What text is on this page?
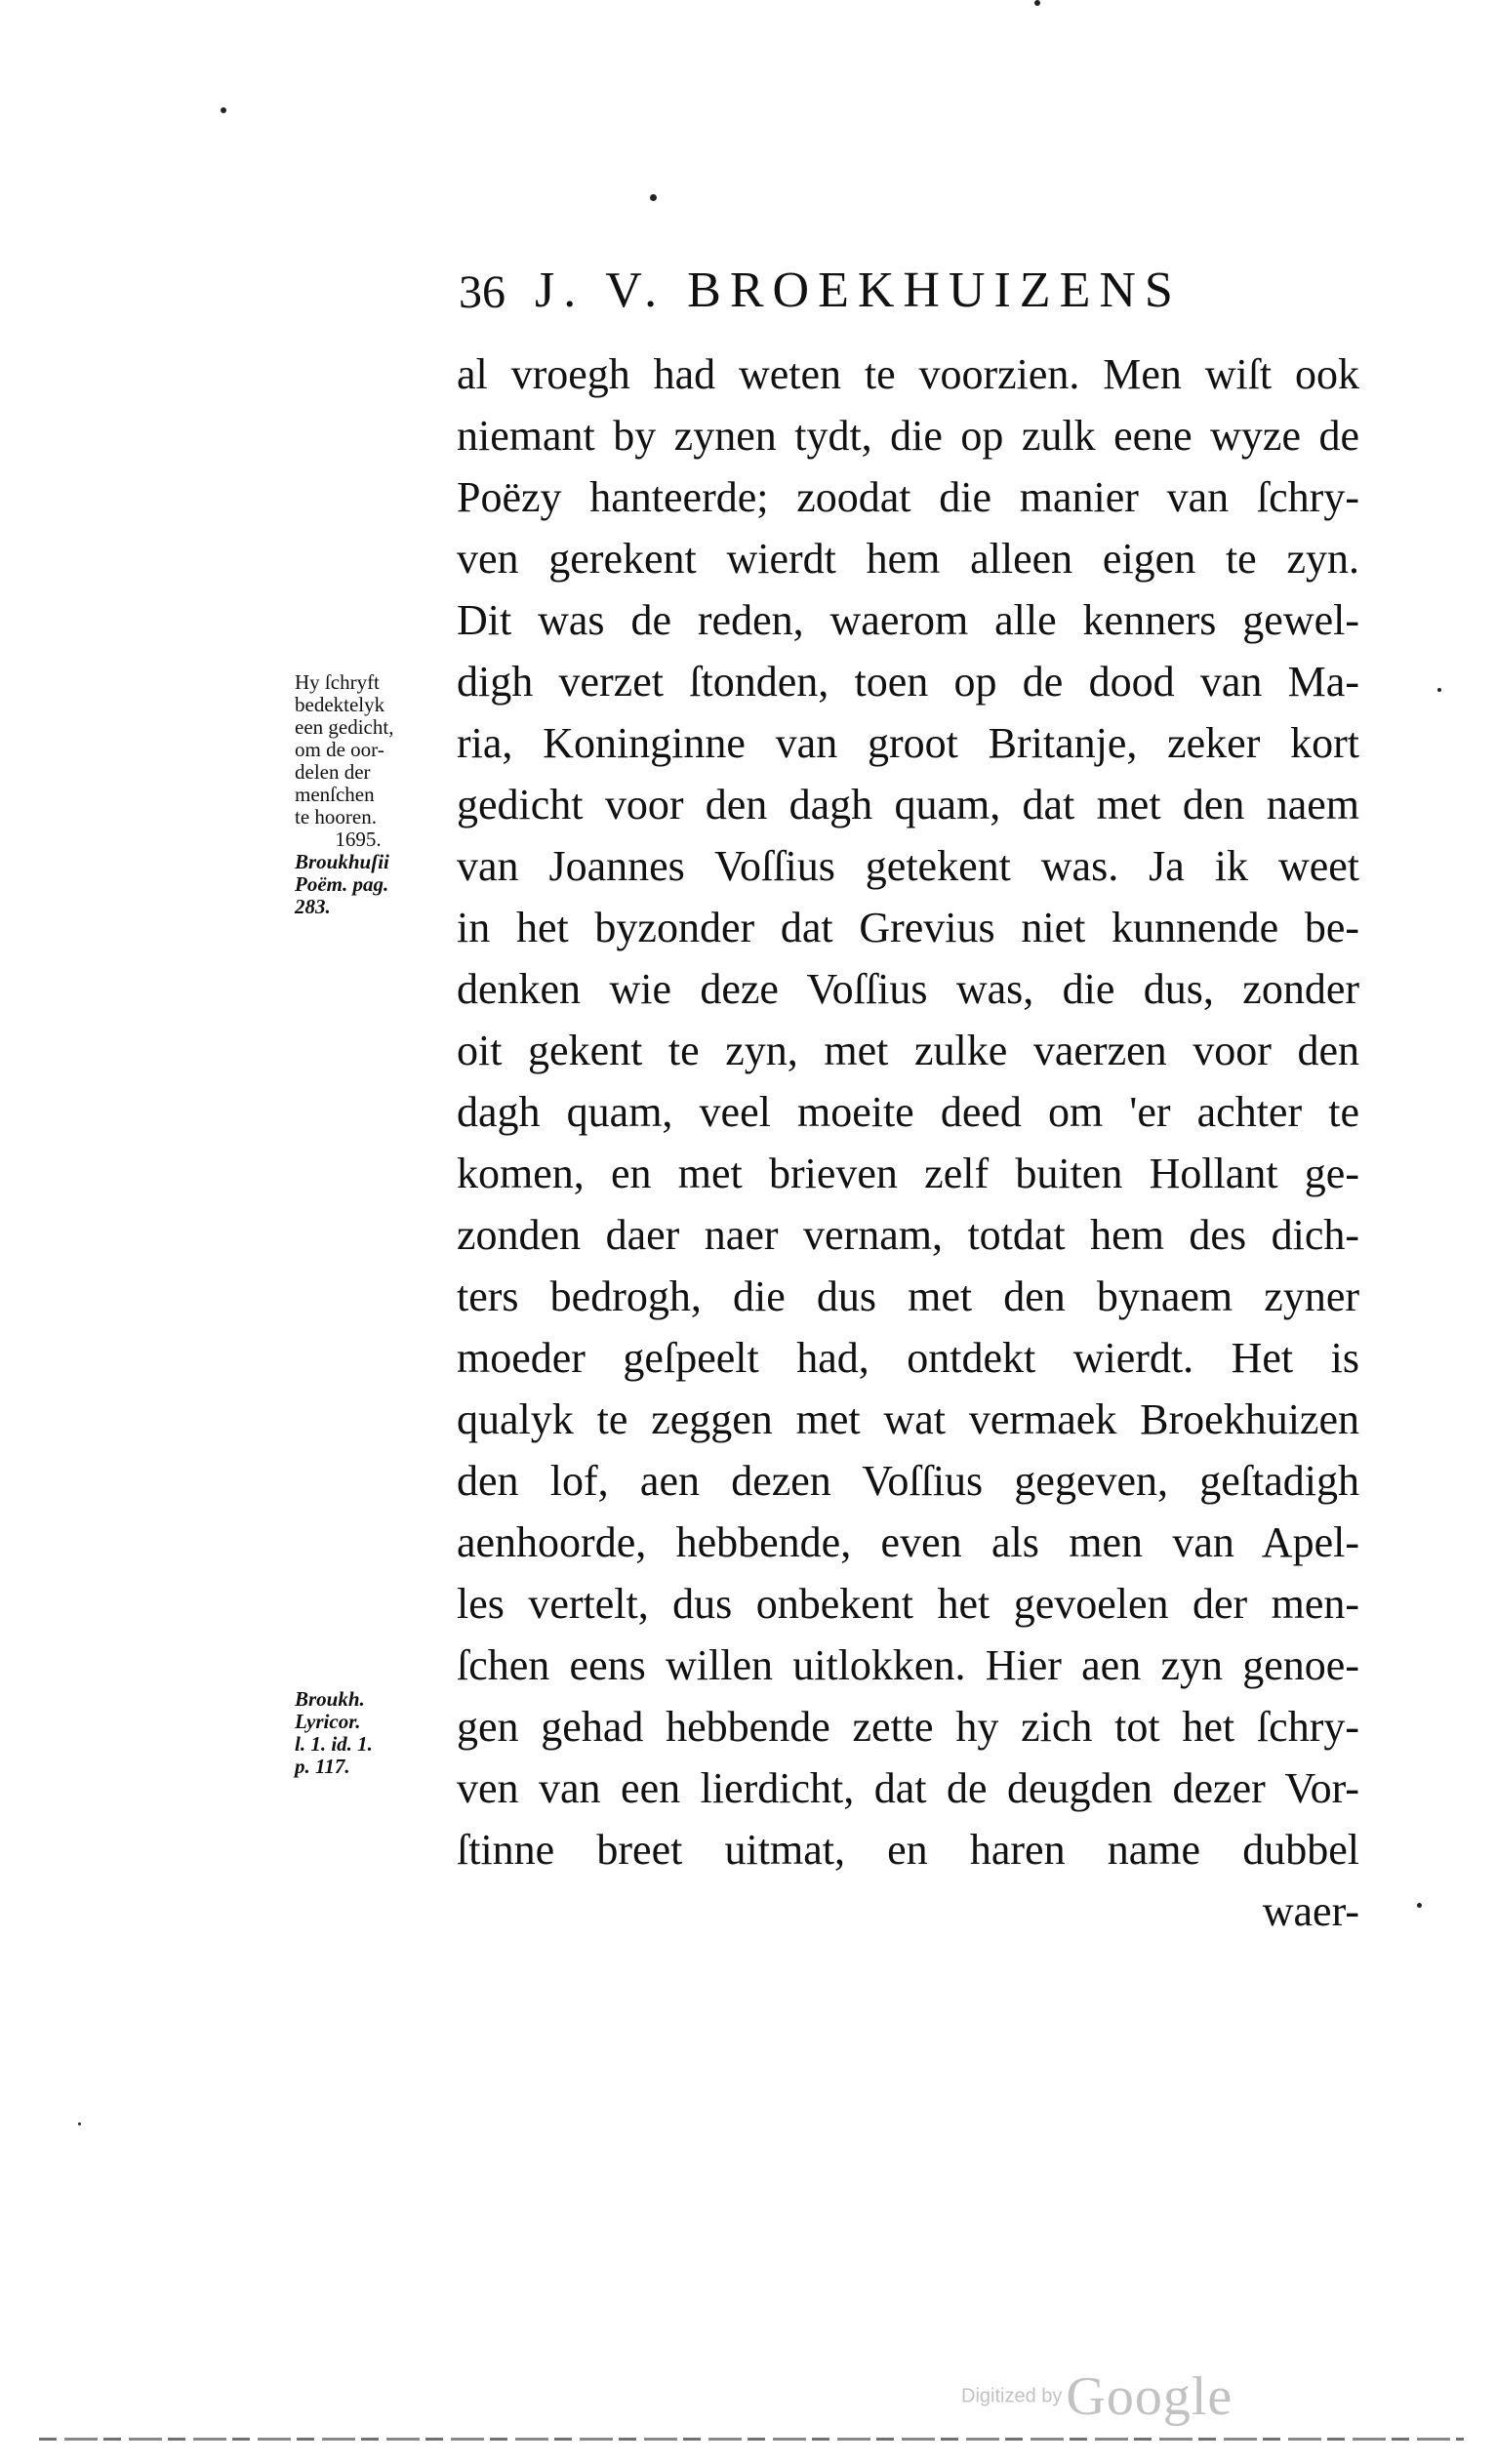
36 J. V. BROEKHUIZENS
al vroegh had weten te voorzien. Men wiſt ook
niemant by zynen tydt, die op zulk eene wyze de
Poëzy hanteerde; zoodat die manier van ſchry-
ven gerekent wierdt hem alleen eigen te zyn.
Dit was de reden, waerom alle kenners gewel-
digh verzet ſtonden, toen op de dood van Ma-
ria, Koninginne van groot Britanje, zeker kort
gedicht voor den dagh quam, dat met den naem
van Joannes Voſſius getekent was. Ja ik weet
in het byzonder dat Grevius niet kunnende be-
denken wie deze Voſſius was, die dus, zonder
oit gekent te zyn, met zulke vaerzen voor den
dagh quam, veel moeite deed om 'er achter te
komen, en met brieven zelf buiten Hollant ge-
zonden daer naer vernam, totdat hem des dich-
ters bedrogh, die dus met den bynaem zyner
moeder geſpeelt had, ontdekt wierdt. Het is
qualyk te zeggen met wat vermaek Broekhuizen
den lof, aen dezen Voſſius gegeven, geſtadigh
aenhoorde, hebbende, even als men van Apel-
les vertelt, dus onbekent het gevoelen der men-
ſchen eens willen uitlokken. Hier aen zyn genoe-
gen gehad hebbende zette hy zich tot het ſchry-
ven van een lierdicht, dat de deugden dezer Vor-
ſtinne breet uitmat, en haren name dubbel
waer-
Hy ſchryft
bedektelyk
een gedicht,
om de oor-
delen der
menſchen
te hooren.
1695.
Broukhuſii
Poëm. pag.
283.
Broukh.
Lyricor.
l. 1. id. 1.
p. 117.
Digitized by Google
